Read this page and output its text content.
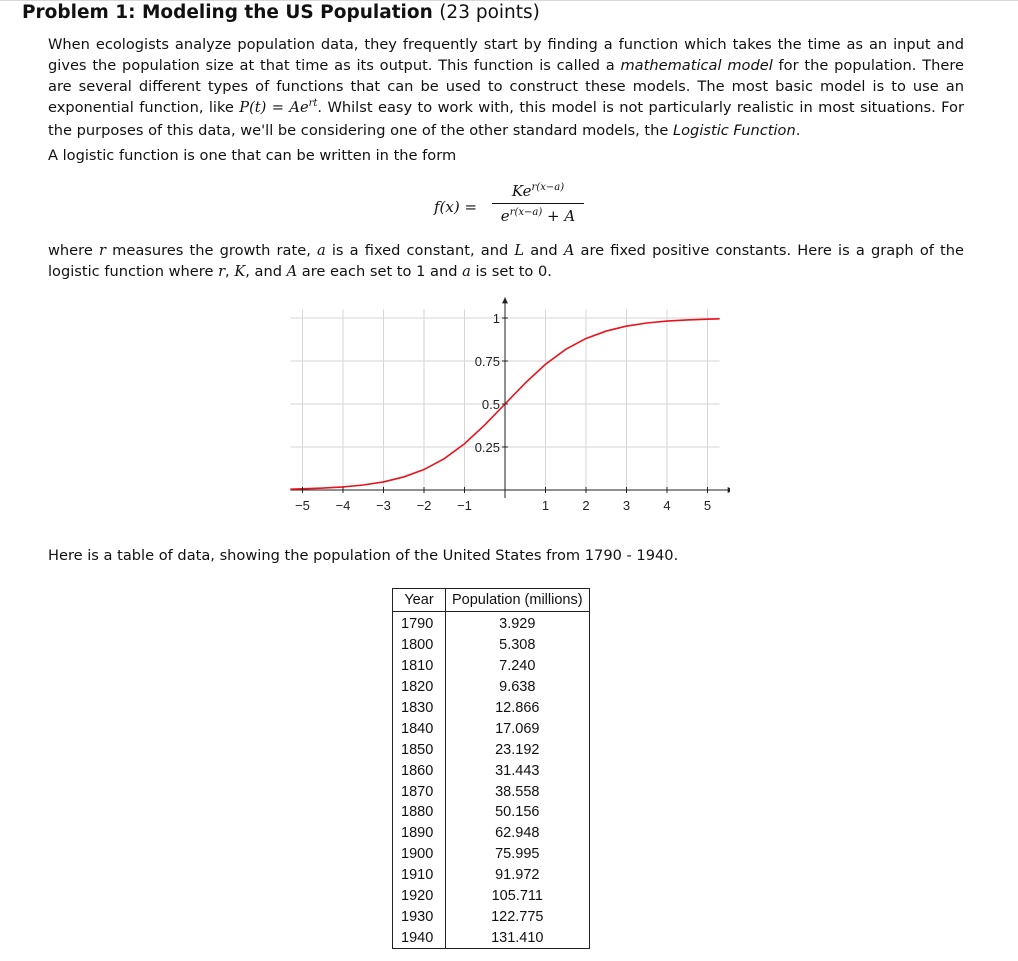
Problem 1: Modeling the US Population (23 points)
When ecologists analyze population data, they frequently start by finding a function which takes the time as an input and gives the population size at that time as its output. This function is called a mathematical model for the population. There are several different types of functions that can be used to construct these models. The most basic model is to use an exponential function, like $P(t) = Ae^{rt}$. Whilst easy to work with, this model is not particularly realistic in most situations. For the purposes of this data, we'll be considering one of the other standard models, the Logistic Function.
A logistic function is one that can be written in the form
f(x) =
$Ke^{r(x-a)}$
$e^{r(x-a)} + A$
where r measures the growth rate, a is a fixed constant, and L and A are fixed positive constants. Here is a graph of the logistic function where r, K, and A are each set to 1 and a is set to 0.
−5 −4 −3 −2 −1	1	2	3	4	5
0.25
0.5
0.75
1
Here is a table of data, showing the population of the United States from 1790 - 1940.
Year	Population (millions)

1790	3.929
1800	5.308
1810	7.240
1820	9.638
1830	12.866
1840	17.069
1850	23.192
1860	31.443
1870	38.558
1880	50.156
1890	62.948
1900	75.995
1910	91.972
1920	105.711
1930	122.775
1940	131.410
